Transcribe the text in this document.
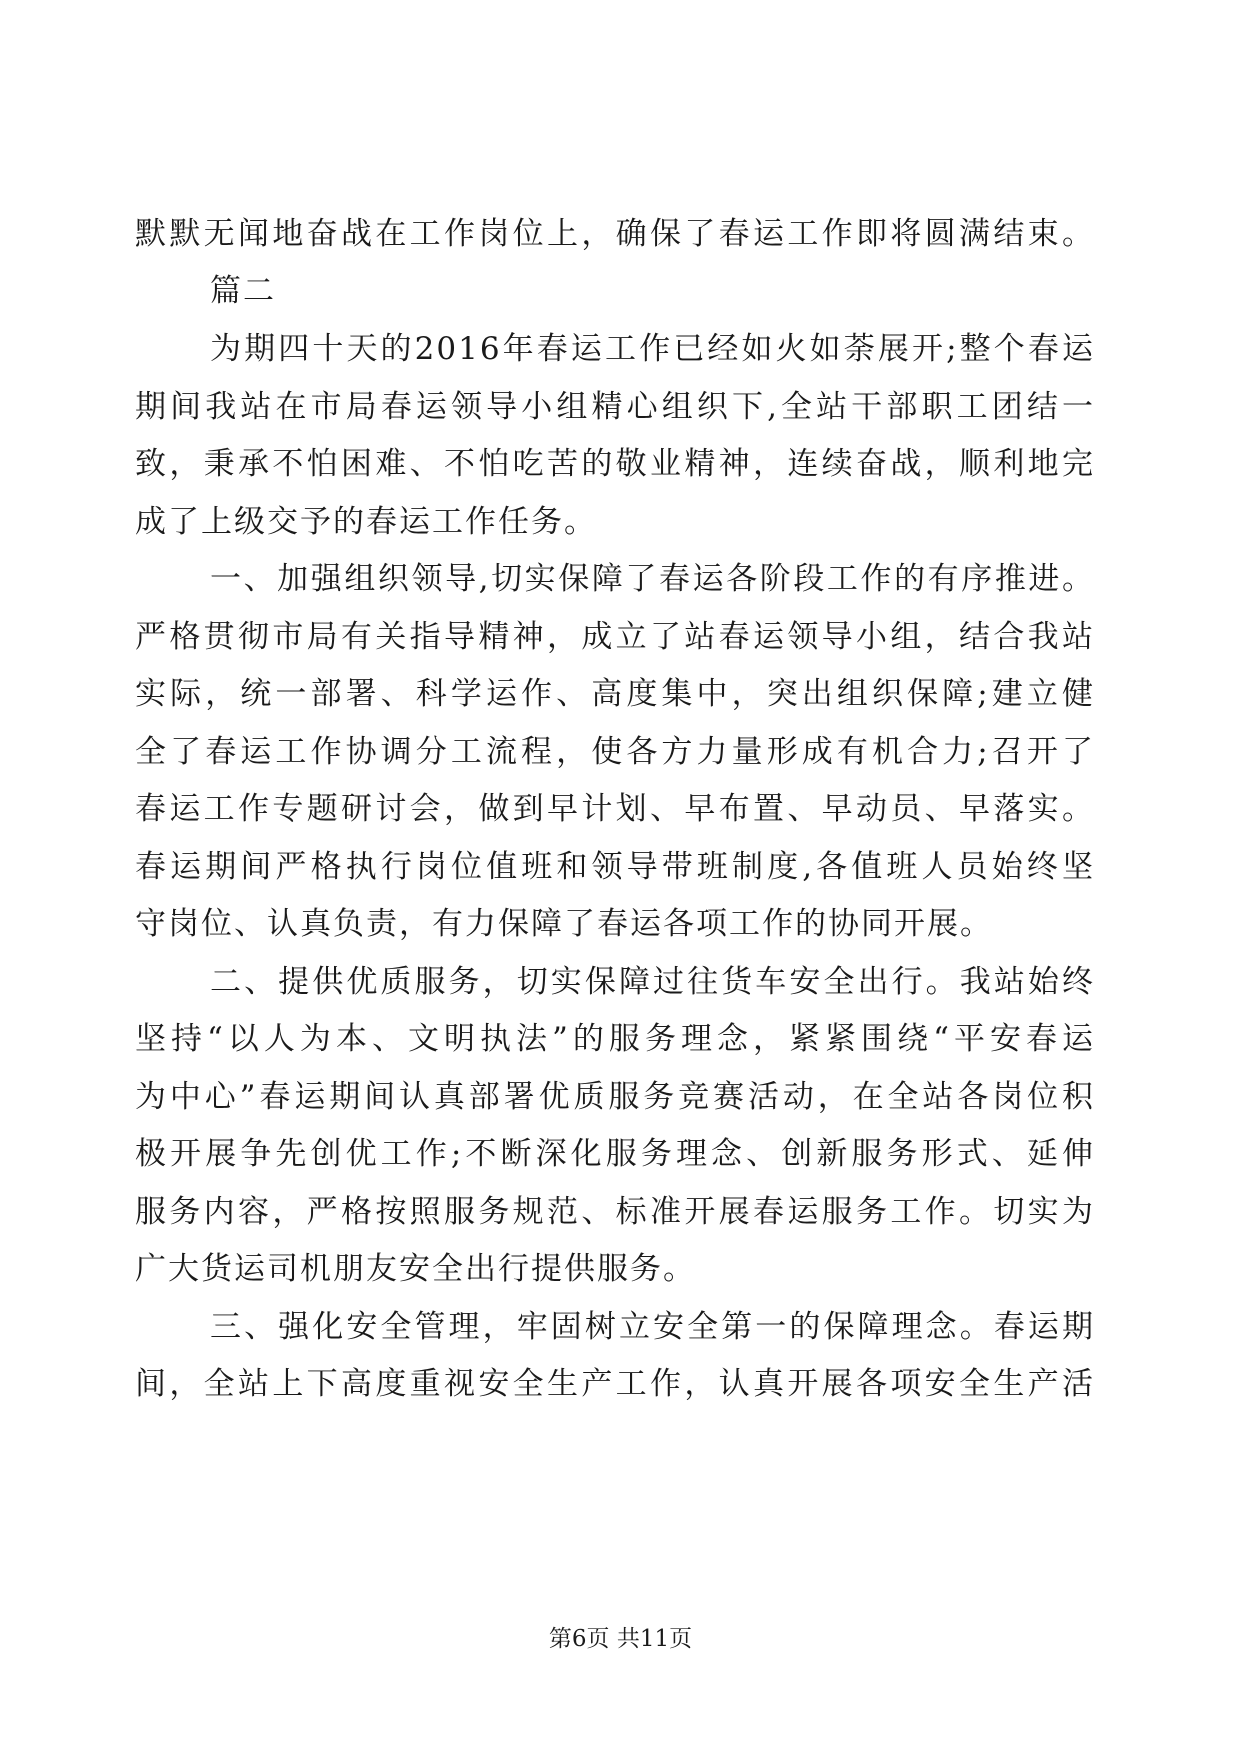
默默无闻地奋战在工作岗位上，确保了春运工作即将圆满结束。
篇二
为期四十天的2016年春运工作已经如火如荼展开;整个春运
期间我站在市局春运领导小组精心组织下,全站干部职工团结一
致，秉承不怕困难、不怕吃苦的敬业精神，连续奋战，顺利地完
成了上级交予的春运工作任务。
一、加强组织领导,切实保障了春运各阶段工作的有序推进。
严格贯彻市局有关指导精神，成立了站春运领导小组，结合我站
实际，统一部署、科学运作、高度集中，突出组织保障;建立健
全了春运工作协调分工流程，使各方力量形成有机合力;召开了
春运工作专题研讨会，做到早计划、早布置、早动员、早落实。
春运期间严格执行岗位值班和领导带班制度,各值班人员始终坚
守岗位、认真负责，有力保障了春运各项工作的协同开展。
二、提供优质服务，切实保障过往货车安全出行。我站始终
坚持“以人为本、文明执法”的服务理念，紧紧围绕“平安春运
为中心”春运期间认真部署优质服务竞赛活动，在全站各岗位积
极开展争先创优工作;不断深化服务理念、创新服务形式、延伸
服务内容，严格按照服务规范、标准开展春运服务工作。切实为
广大货运司机朋友安全出行提供服务。
三、强化安全管理，牢固树立安全第一的保障理念。春运期
间，全站上下高度重视安全生产工作，认真开展各项安全生产活
第6页 共11页
